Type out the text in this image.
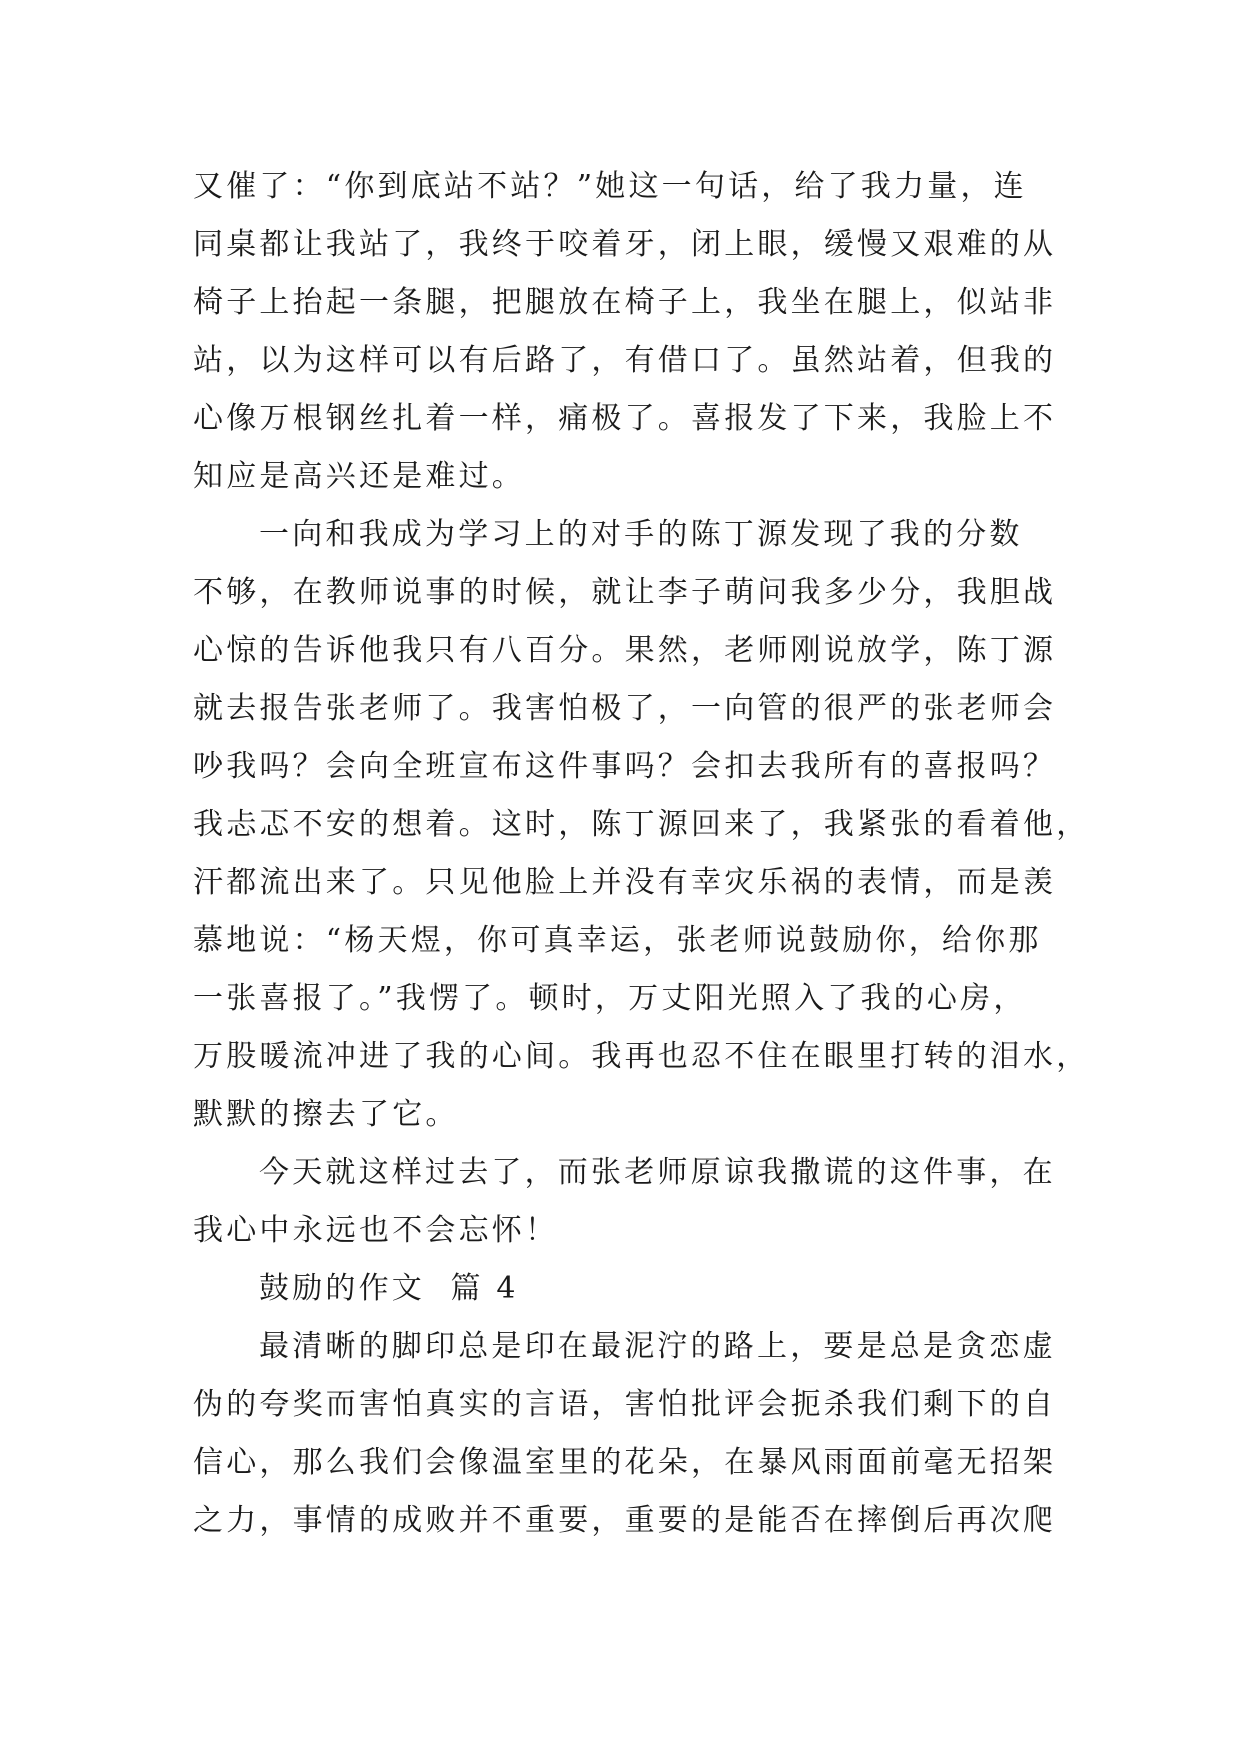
又催了：“你到底站不站？”她这一句话，给了我力量，连
同桌都让我站了，我终于咬着牙，闭上眼，缓慢又艰难的从
椅子上抬起一条腿，把腿放在椅子上，我坐在腿上，似站非
站，以为这样可以有后路了，有借口了。虽然站着，但我的
心像万根钢丝扎着一样，痛极了。喜报发了下来，我脸上不
知应是高兴还是难过。
一向和我成为学习上的对手的陈丁源发现了我的分数
不够，在教师说事的时候，就让李子萌问我多少分，我胆战
心惊的告诉他我只有八百分。果然，老师刚说放学，陈丁源
就去报告张老师了。我害怕极了，一向管的很严的张老师会
吵我吗？会向全班宣布这件事吗？会扣去我所有的喜报吗？
我忐忑不安的想着。这时，陈丁源回来了，我紧张的看着他，
汗都流出来了。只见他脸上并没有幸灾乐祸的表情，而是羡
慕地说：“杨天煜，你可真幸运，张老师说鼓励你，给你那
一张喜报了。”我愣了。顿时，万丈阳光照入了我的心房，
万股暖流冲进了我的心间。我再也忍不住在眼里打转的泪水，
默默的擦去了它。
今天就这样过去了，而张老师原谅我撒谎的这件事，在
我心中永远也不会忘怀！
鼓励的作文  篇 4
最清晰的脚印总是印在最泥泞的路上，要是总是贪恋虚
伪的夸奖而害怕真实的言语，害怕批评会扼杀我们剩下的自
信心，那么我们会像温室里的花朵，在暴风雨面前毫无招架
之力，事情的成败并不重要，重要的是能否在摔倒后再次爬
